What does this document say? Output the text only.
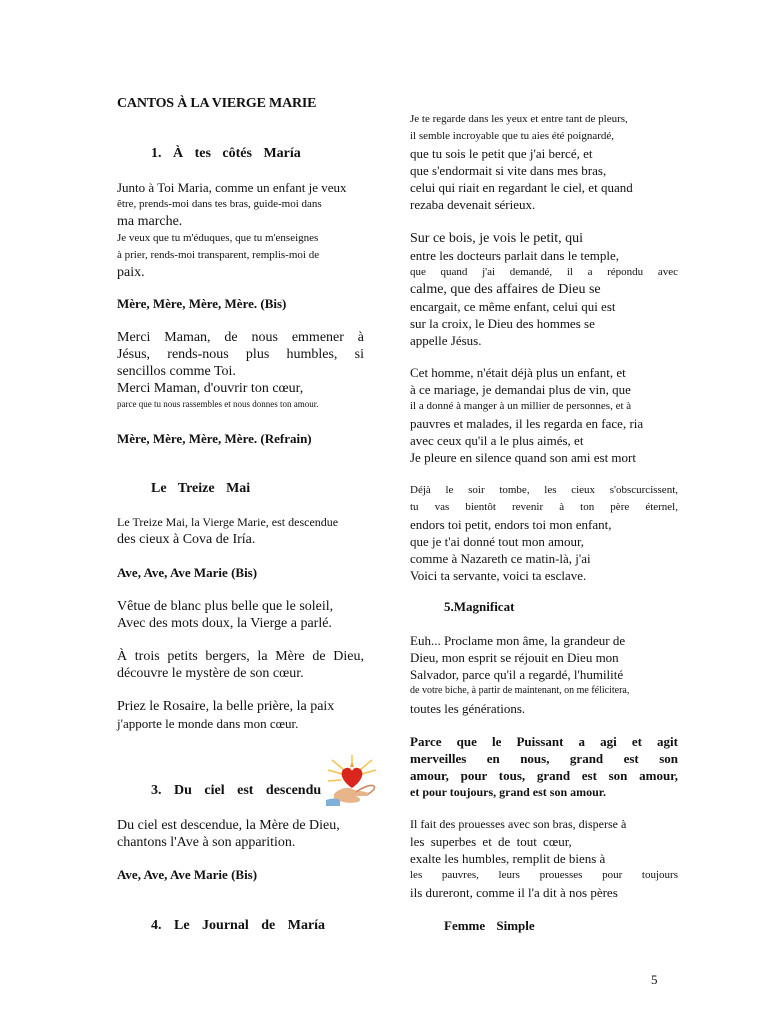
CANTOS À LA VIERGE MARIE
1. À tes côtés María
Junto à Toi Maria, comme un enfant je veux
être, prends-moi dans tes bras, guide-moi dans
ma marche.
Je veux que tu m'éduques, que tu m'enseignes
à prier, rends-moi transparent, remplis-moi de
paix.
Mère, Mère, Mère, Mère. (Bis)
Merci Maman, de nous emmener à
Jésus, rends-nous plus humbles, si
sencillos comme Toi.
Merci Maman, d'ouvrir ton cœur,
parce que tu nous rassembles et nous donnes ton amour.
Mère, Mère, Mère, Mère. (Refrain)
Le Treize Mai
Le Treize Mai, la Vierge Marie, est descendue
des cieux à Cova de Iría.
Ave, Ave, Ave Marie (Bis)
Vêtue de blanc plus belle que le soleil,
Avec des mots doux, la Vierge a parlé.
À trois petits bergers, la Mère de Dieu,
découvre le mystère de son cœur.
Priez le Rosaire, la belle prière, la paix
j'apporte le monde dans mon cœur.
3. Du ciel est descendu
Du ciel est descendue, la Mère de Dieu,
chantons l'Ave à son apparition.
Ave, Ave, Ave Marie (Bis)
4. Le Journal de María
Je te regarde dans les yeux et entre tant de pleurs,
il semble incroyable que tu aies été poignardé,
que tu sois le petit que j'ai bercé, et
que s'endormait si vite dans mes bras,
celui qui riait en regardant le ciel, et quand
rezaba devenait sérieux.
Sur ce bois, je vois le petit, qui
entre les docteurs parlait dans le temple,
que quand j'ai demandé, il a répondu avec
calme, que des affaires de Dieu se
encargait, ce même enfant, celui qui est
sur la croix, le Dieu des hommes se
appelle Jésus.
Cet homme, n'était déjà plus un enfant, et
à ce mariage, je demandai plus de vin, que
il a donné à manger à un millier de personnes, et à
pauvres et malades, il les regarda en face, ria
avec ceux qu'il a le plus aimés, et
Je pleure en silence quand son ami est mort
Déjà le soir tombe, les cieux s'obscurcissent,
tu vas bientôt revenir à ton père éternel,
endors toi petit, endors toi mon enfant,
que je t'ai donné tout mon amour,
comme à Nazareth ce matin-là, j'ai
Voici ta servante, voici ta esclave.
5.Magnificat
Euh... Proclame mon âme, la grandeur de
Dieu, mon esprit se réjouit en Dieu mon
Salvador, parce qu'il a regardé, l'humilité
de votre biche, à partir de maintenant, on me félicitera,
toutes les générations.
Parce que le Puissant a agi et agit
merveilles en nous, grand est son
amour, pour tous, grand est son amour,
et pour toujours, grand est son amour.
Il fait des prouesses avec son bras, disperse à
les superbes et de tout cœur,
exalte les humbles, remplit de biens à
les pauvres, leurs prouesses pour toujours
ils dureront, comme il l'a dit à nos pères
Femme Simple
5
